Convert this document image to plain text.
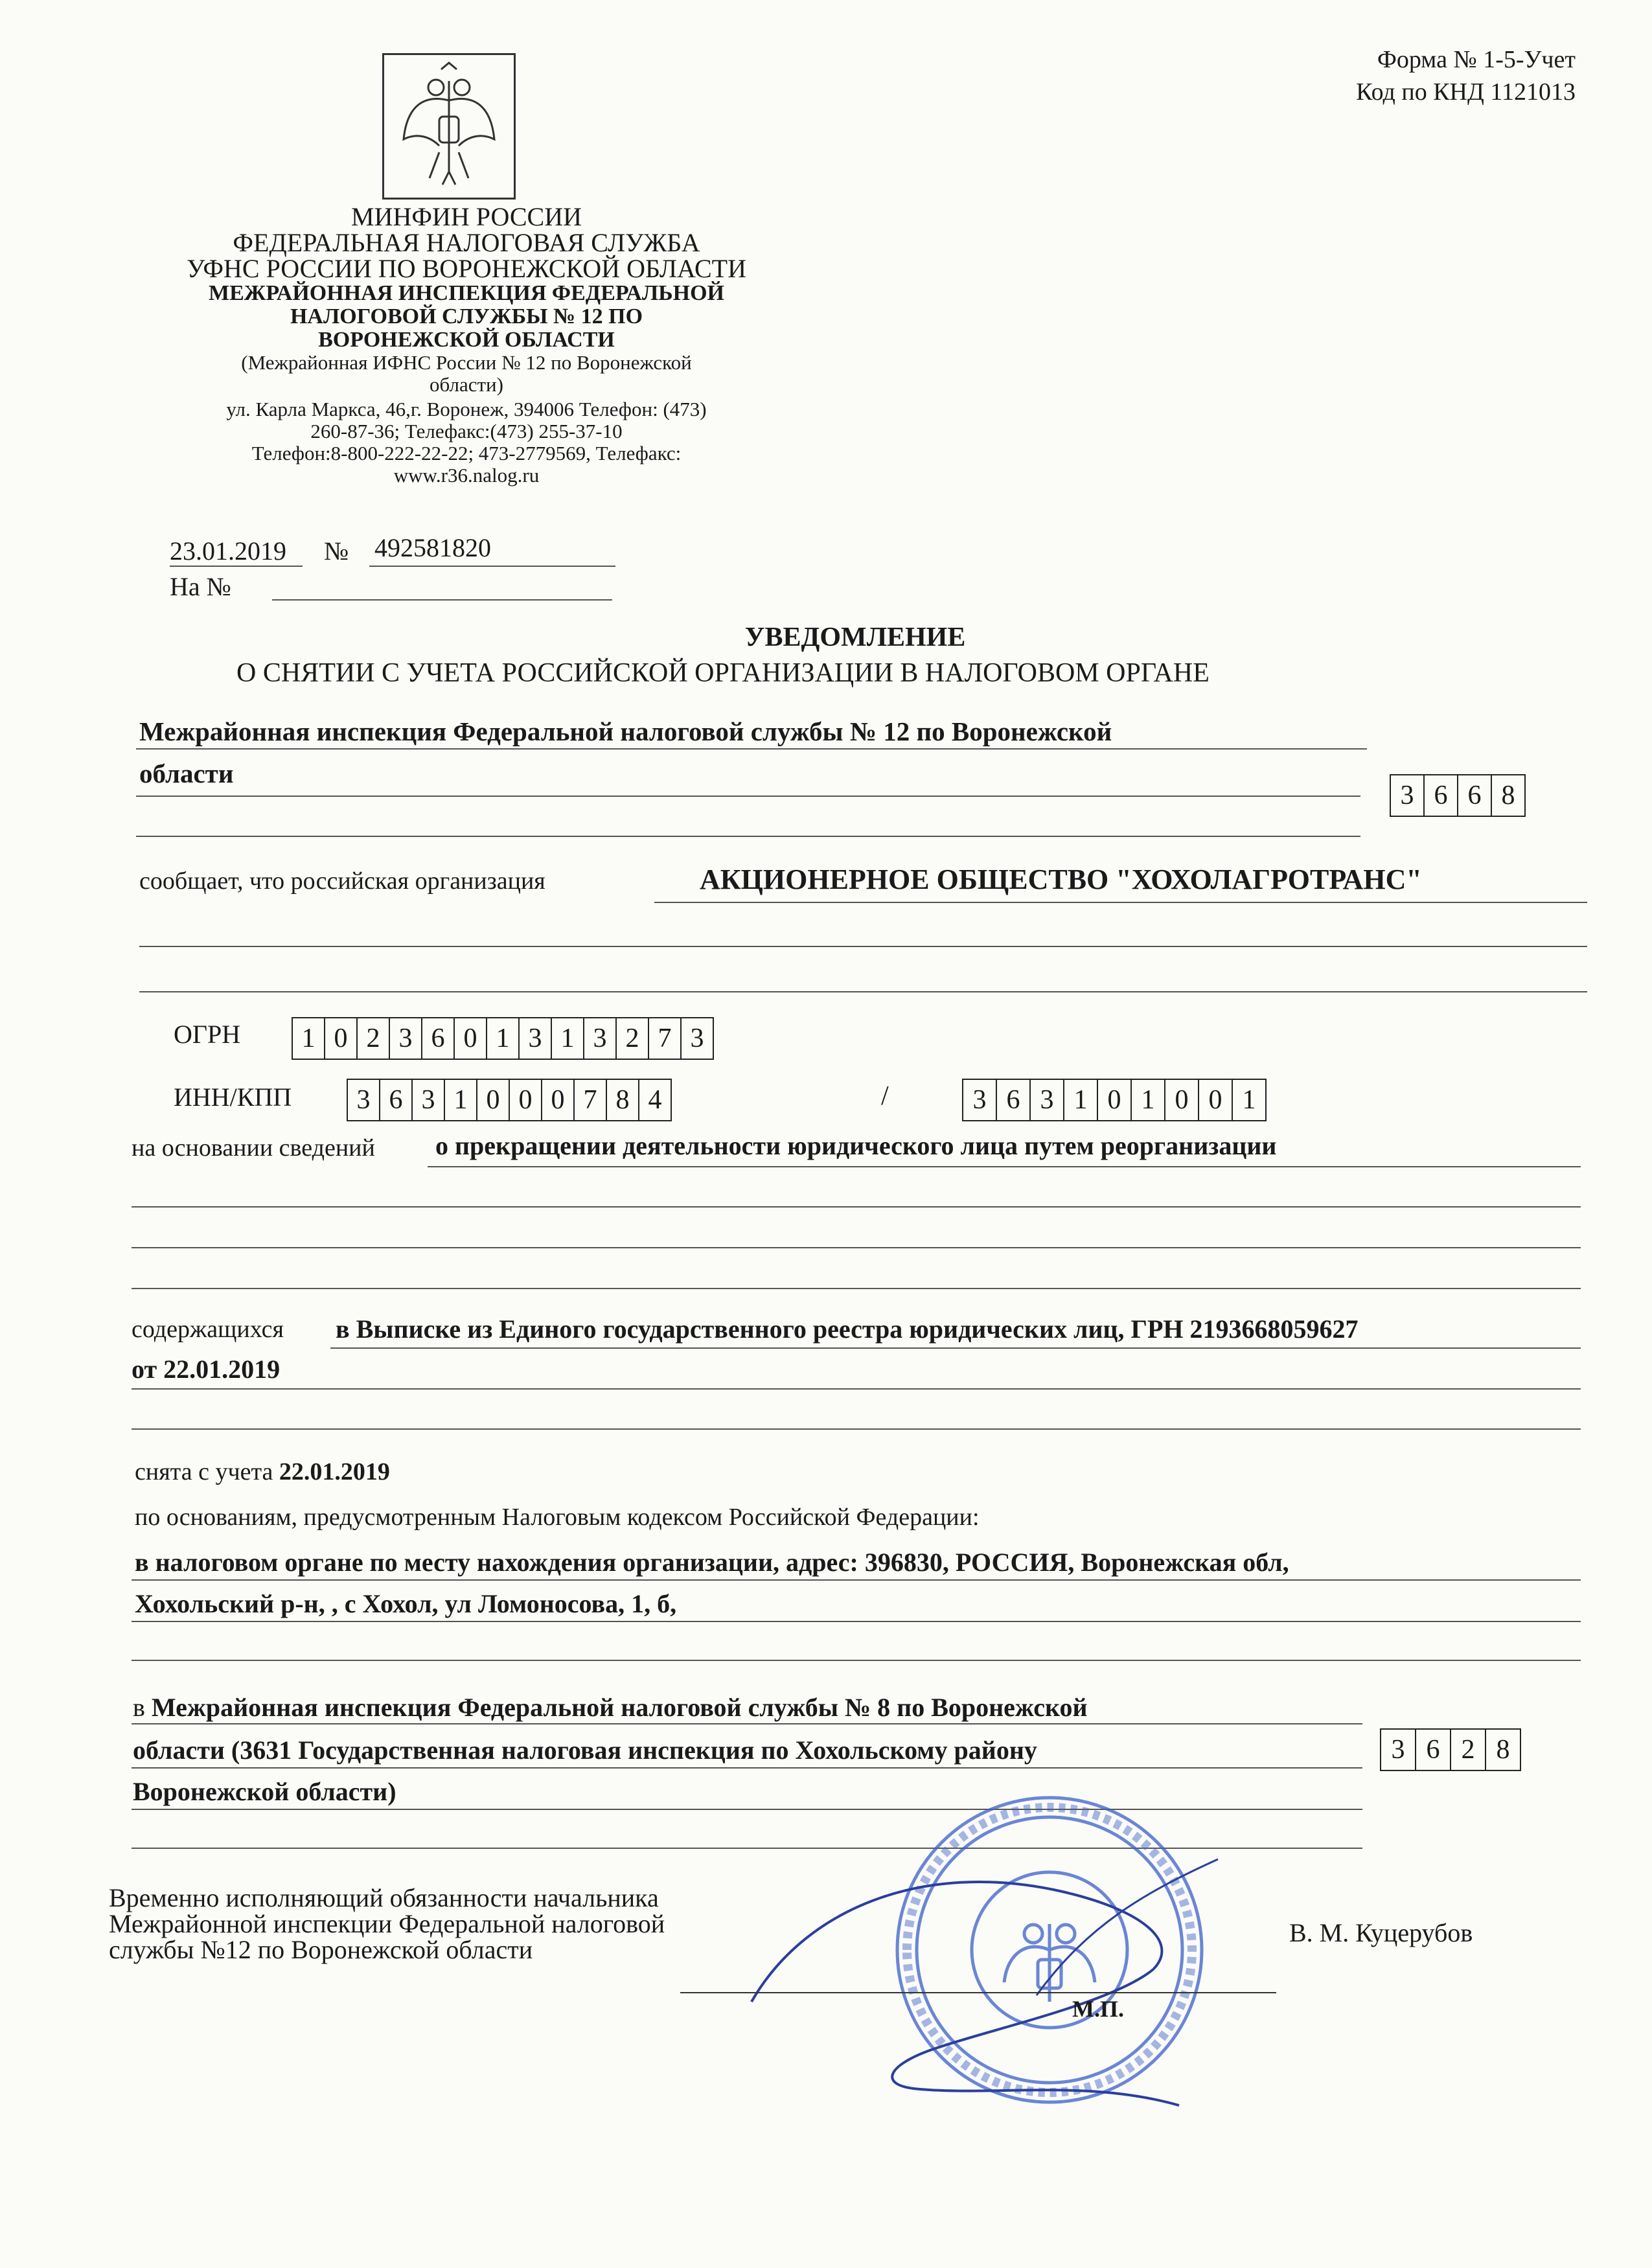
Форма № 1-5-Учет
Код по КНД 1121013
МИНФИН РОССИИ
ФЕДЕРАЛЬНАЯ НАЛОГОВАЯ СЛУЖБА
УФНС РОССИИ ПО ВОРОНЕЖСКОЙ ОБЛАСТИ
МЕЖРАЙОННАЯ ИНСПЕКЦИЯ ФЕДЕРАЛЬНОЙ
НАЛОГОВОЙ СЛУЖБЫ № 12 ПО
ВОРОНЕЖСКОЙ ОБЛАСТИ
(Межрайонная ИФНС России № 12 по Воронежской
области)
ул. Карла Маркса, 46,г. Воронеж, 394006 Телефон: (473)
260-87-36; Телефакс:(473) 255-37-10
Телефон:8-800-222-22-22; 473-2779569, Телефакс:
www.r36.nalog.ru
23.01.2019 № 492581820
На №
УВЕДОМЛЕНИЕ
О СНЯТИИ С УЧЕТА РОССИЙСКОЙ ОРГАНИЗАЦИИ В НАЛОГОВОМ ОРГАНЕ
Межрайонная инспекция Федеральной налоговой службы № 12 по Воронежской
области
3 6 6 8
сообщает, что российская организация	АКЦИОНЕРНОЕ ОБЩЕСТВО "ХОХОЛАГРОТРАНС"
ОГРН	1 0 2 3 6 0 1 3 1 3 2 7 3
ИНН/КПП	3 6 3 1 0 0 0 7 8 4	/	3 6 3 1 0 1 0 0 1
на основании сведений о прекращении деятельности юридического лица путем реорганизации
содержащихся в Выписке из Единого государственного реестра юридических лиц, ГРН 2193668059627
от 22.01.2019
снята с учета 22.01.2019
по основаниям, предусмотренным Налоговым кодексом Российской Федерации:
в налоговом органе по месту нахождения организации, адрес: 396830, РОССИЯ, Воронежская обл,
Хохольский р-н, , с Хохол, ул Ломоносова, 1, б,
в Межрайонная инспекция Федеральной налоговой службы № 8 по Воронежской
области (3631 Государственная налоговая инспекция по Хохольскому району
Воронежской области)
3 6 2 8
Временно исполняющий обязанности начальника
Межрайонной инспекции Федеральной налоговой
службы №12 по Воронежской области
В. М. Куцерубов
М.П.
